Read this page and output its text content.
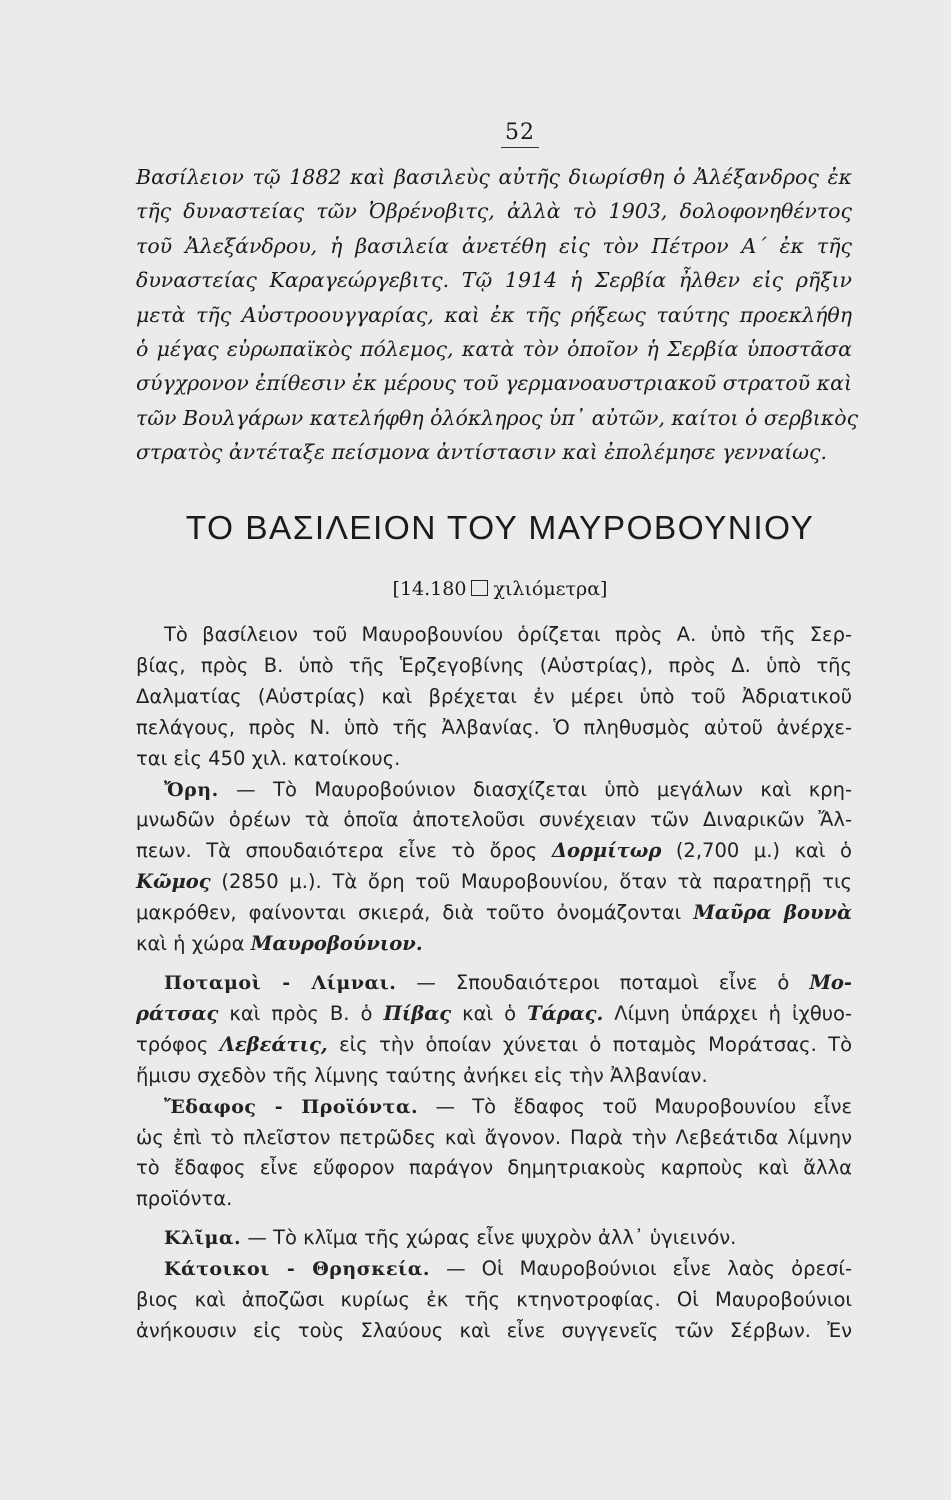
52
Βασίλειον τῷ 1882 καὶ βασιλεὺς αὐτῆς διωρίσθη ὁ Ἀλέξανδρος ἐκ
τῆς δυναστείας τῶν Ὀβρένοβιτς, ἀλλὰ τὸ 1903, δολοφονηθέντος
τοῦ Ἀλεξάνδρου, ἡ βασιλεία ἀνετέθη εἰς τὸν Πέτρον Α΄ ἐκ τῆς
δυναστείας Καραγεώργεβιτς. Τῷ 1914 ἡ Σερβία ἦλθεν εἰς ρῆξιν
μετὰ τῆς Αὐστροουγγαρίας, καὶ ἐκ τῆς ρήξεως ταύτης προεκλήθη
ὁ μέγας εὐρωπαϊκὸς πόλεμος, κατὰ τὸν ὁποῖον ἡ Σερβία ὑποστᾶσα
σύγχρονον ἐπίθεσιν ἐκ μέρους τοῦ γερμανοαυστριακοῦ στρατοῦ καὶ
τῶν Βουλγάρων κατελήφθη ὁλόκληρος ὑπ᾽ αὐτῶν, καίτοι ὁ σερβικὸς
στρατὸς ἀντέταξε πείσμονα ἀντίστασιν καὶ ἐπολέμησε γενναίως.
ΤΟ ΒΑΣΙΛΕΙΟΝ ΤΟΥ ΜΑΥΡΟΒΟΥΝΙΟΥ
[14.180 χιλιόμετρα]
Τὸ βασίλειον τοῦ Μαυροβουνίου ὁρίζεται πρὸς Α. ὑπὸ τῆς Σερ-
βίας, πρὸς Β. ὑπὸ τῆς Ἑρζεγοβίνης (Αὐστρίας), πρὸς Δ. ὑπὸ τῆς
Δαλματίας (Αὐστρίας) καὶ βρέχεται ἐν μέρει ὑπὸ τοῦ Ἀδριατικοῦ
πελάγους, πρὸς Ν. ὑπὸ τῆς Ἀλβανίας. Ὁ πληθυσμὸς αὐτοῦ ἀνέρχε-
ται εἰς 450 χιλ. κατοίκους.
Ὄρη. — Τὸ Μαυροβούνιον διασχίζεται ὑπὸ μεγάλων καὶ κρη-
μνωδῶν ὀρέων τὰ ὁποῖα ἀποτελοῦσι συνέχειαν τῶν Διναρικῶν Ἄλ-
πεων. Τὰ σπουδαιότερα εἶνε τὸ ὄρος Δορμίτωρ (2,700 μ.) καὶ ὁ
Κῶμος (2850 μ.). Τὰ ὄρη τοῦ Μαυροβουνίου, ὅταν τὰ παρατηρῇ τις
μακρόθεν, φαίνονται σκιερά, διὰ τοῦτο ὀνομάζονται Μαῦρα βουνὰ
καὶ ἡ χώρα Μαυροβούνιον.
Ποταμοὶ - Λίμναι. — Σπουδαιότεροι ποταμοὶ εἶνε ὁ Μο-
ράτσας καὶ πρὸς Β. ὁ Πίβας καὶ ὁ Τάρας. Λίμνη ὑπάρχει ἡ ἰχθυο-
τρόφος Λεβεάτις, εἰς τὴν ὁποίαν χύνεται ὁ ποταμὸς Μοράτσας. Τὸ
ἥμισυ σχεδὸν τῆς λίμνης ταύτης ἀνήκει εἰς τὴν Ἀλβανίαν.
Ἔδαφος - Προϊόντα. — Τὸ ἔδαφος τοῦ Μαυροβουνίου εἶνε
ὡς ἐπὶ τὸ πλεῖστον πετρῶδες καὶ ἄγονον. Παρὰ τὴν Λεβεάτιδα λίμνην
τὸ ἔδαφος εἶνε εὔφορον παράγον δημητριακοὺς καρποὺς καὶ ἄλλα
προϊόντα.
Κλῖμα. — Τὸ κλῖμα τῆς χώρας εἶνε ψυχρὸν ἀλλ᾽ ὑγιεινόν.
Κάτοικοι - Θρησκεία. — Οἱ Μαυροβούνιοι εἶνε λαὸς ὀρεσί-
βιος καὶ ἀποζῶσι κυρίως ἐκ τῆς κτηνοτροφίας. Οἱ Μαυροβούνιοι
ἀνήκουσιν εἰς τοὺς Σλαύους καὶ εἶνε συγγενεῖς τῶν Σέρβων. Ἐν
